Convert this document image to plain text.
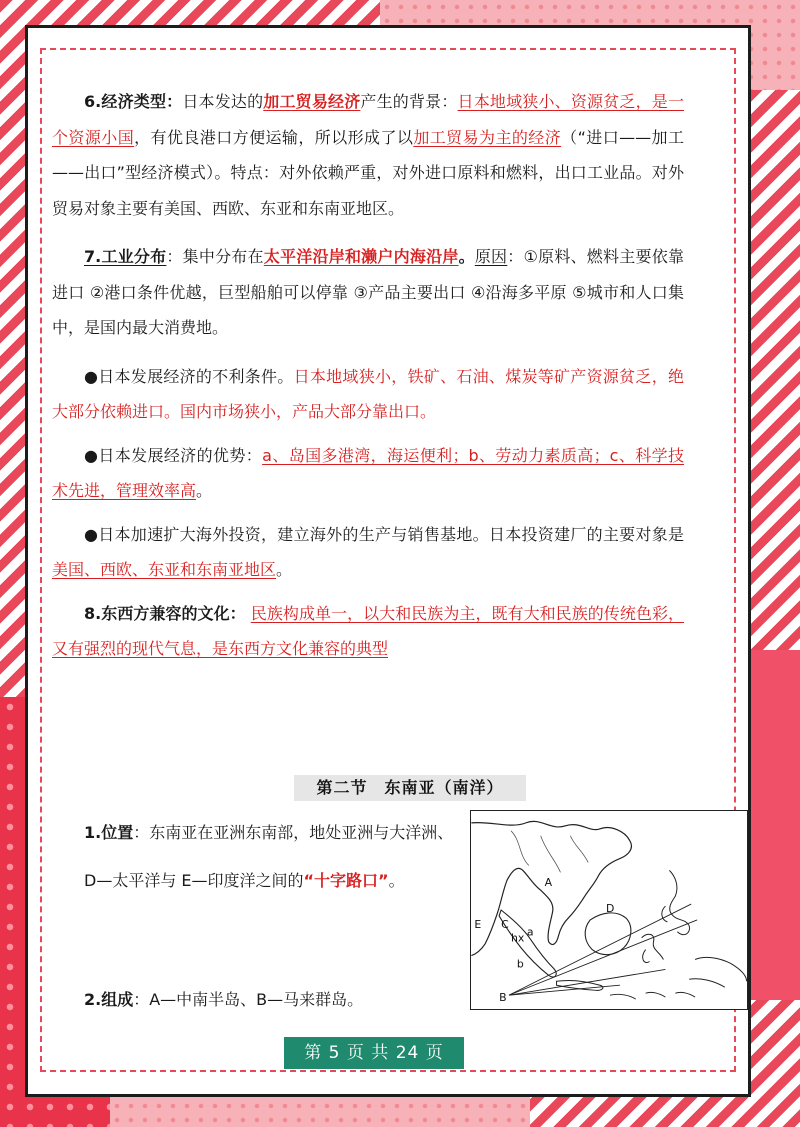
6.经济类型：日本发达的加工贸易经济产生的背景：日本地域狭小、资源贫乏，是一个资源小国，有优良港口方便运输，所以形成了以加工贸易为主的经济（“进口——加工——出口”型经济模式）。特点：对外依赖严重，对外进口原料和燃料，出口工业品。对外贸易对象主要有美国、西欧、东亚和东南亚地区。

7.工业分布：集中分布在太平洋沿岸和濑户内海沿岸。原因：①原料、燃料主要依靠进口 ②港口条件优越，巨型船舶可以停靠 ③产品主要出口 ④沿海多平原 ⑤城市和人口集中，是国内最大消费地。

●日本发展经济的不利条件。日本地域狭小，铁矿、石油、煤炭等矿产资源贫乏，绝大部分依赖进口。国内市场狭小，产品大部分靠出口。

●日本发展经济的优势：a、岛国多港湾，海运便利；b、劳动力素质高；c、科学技术先进，管理效率高。

●日本加速扩大海外投资，建立海外的生产与销售基地。日本投资建厂的主要对象是美国、西欧、东亚和东南亚地区。

8.东西方兼容的文化： 民族构成单一，以大和民族为主，既有大和民族的传统色彩，又有强烈的现代气息，是东西方文化兼容的典型

第二节　东南亚（南洋）
1.位置：东南亚在亚洲东南部，地处亚洲与大洋洲、
D—太平洋与 E—印度洋之间的“十字路口”。
2.组成：A—中南半岛、B—马来群岛。
A
D
C
a
hx
E
b
B
第 5 页 共 24 页
